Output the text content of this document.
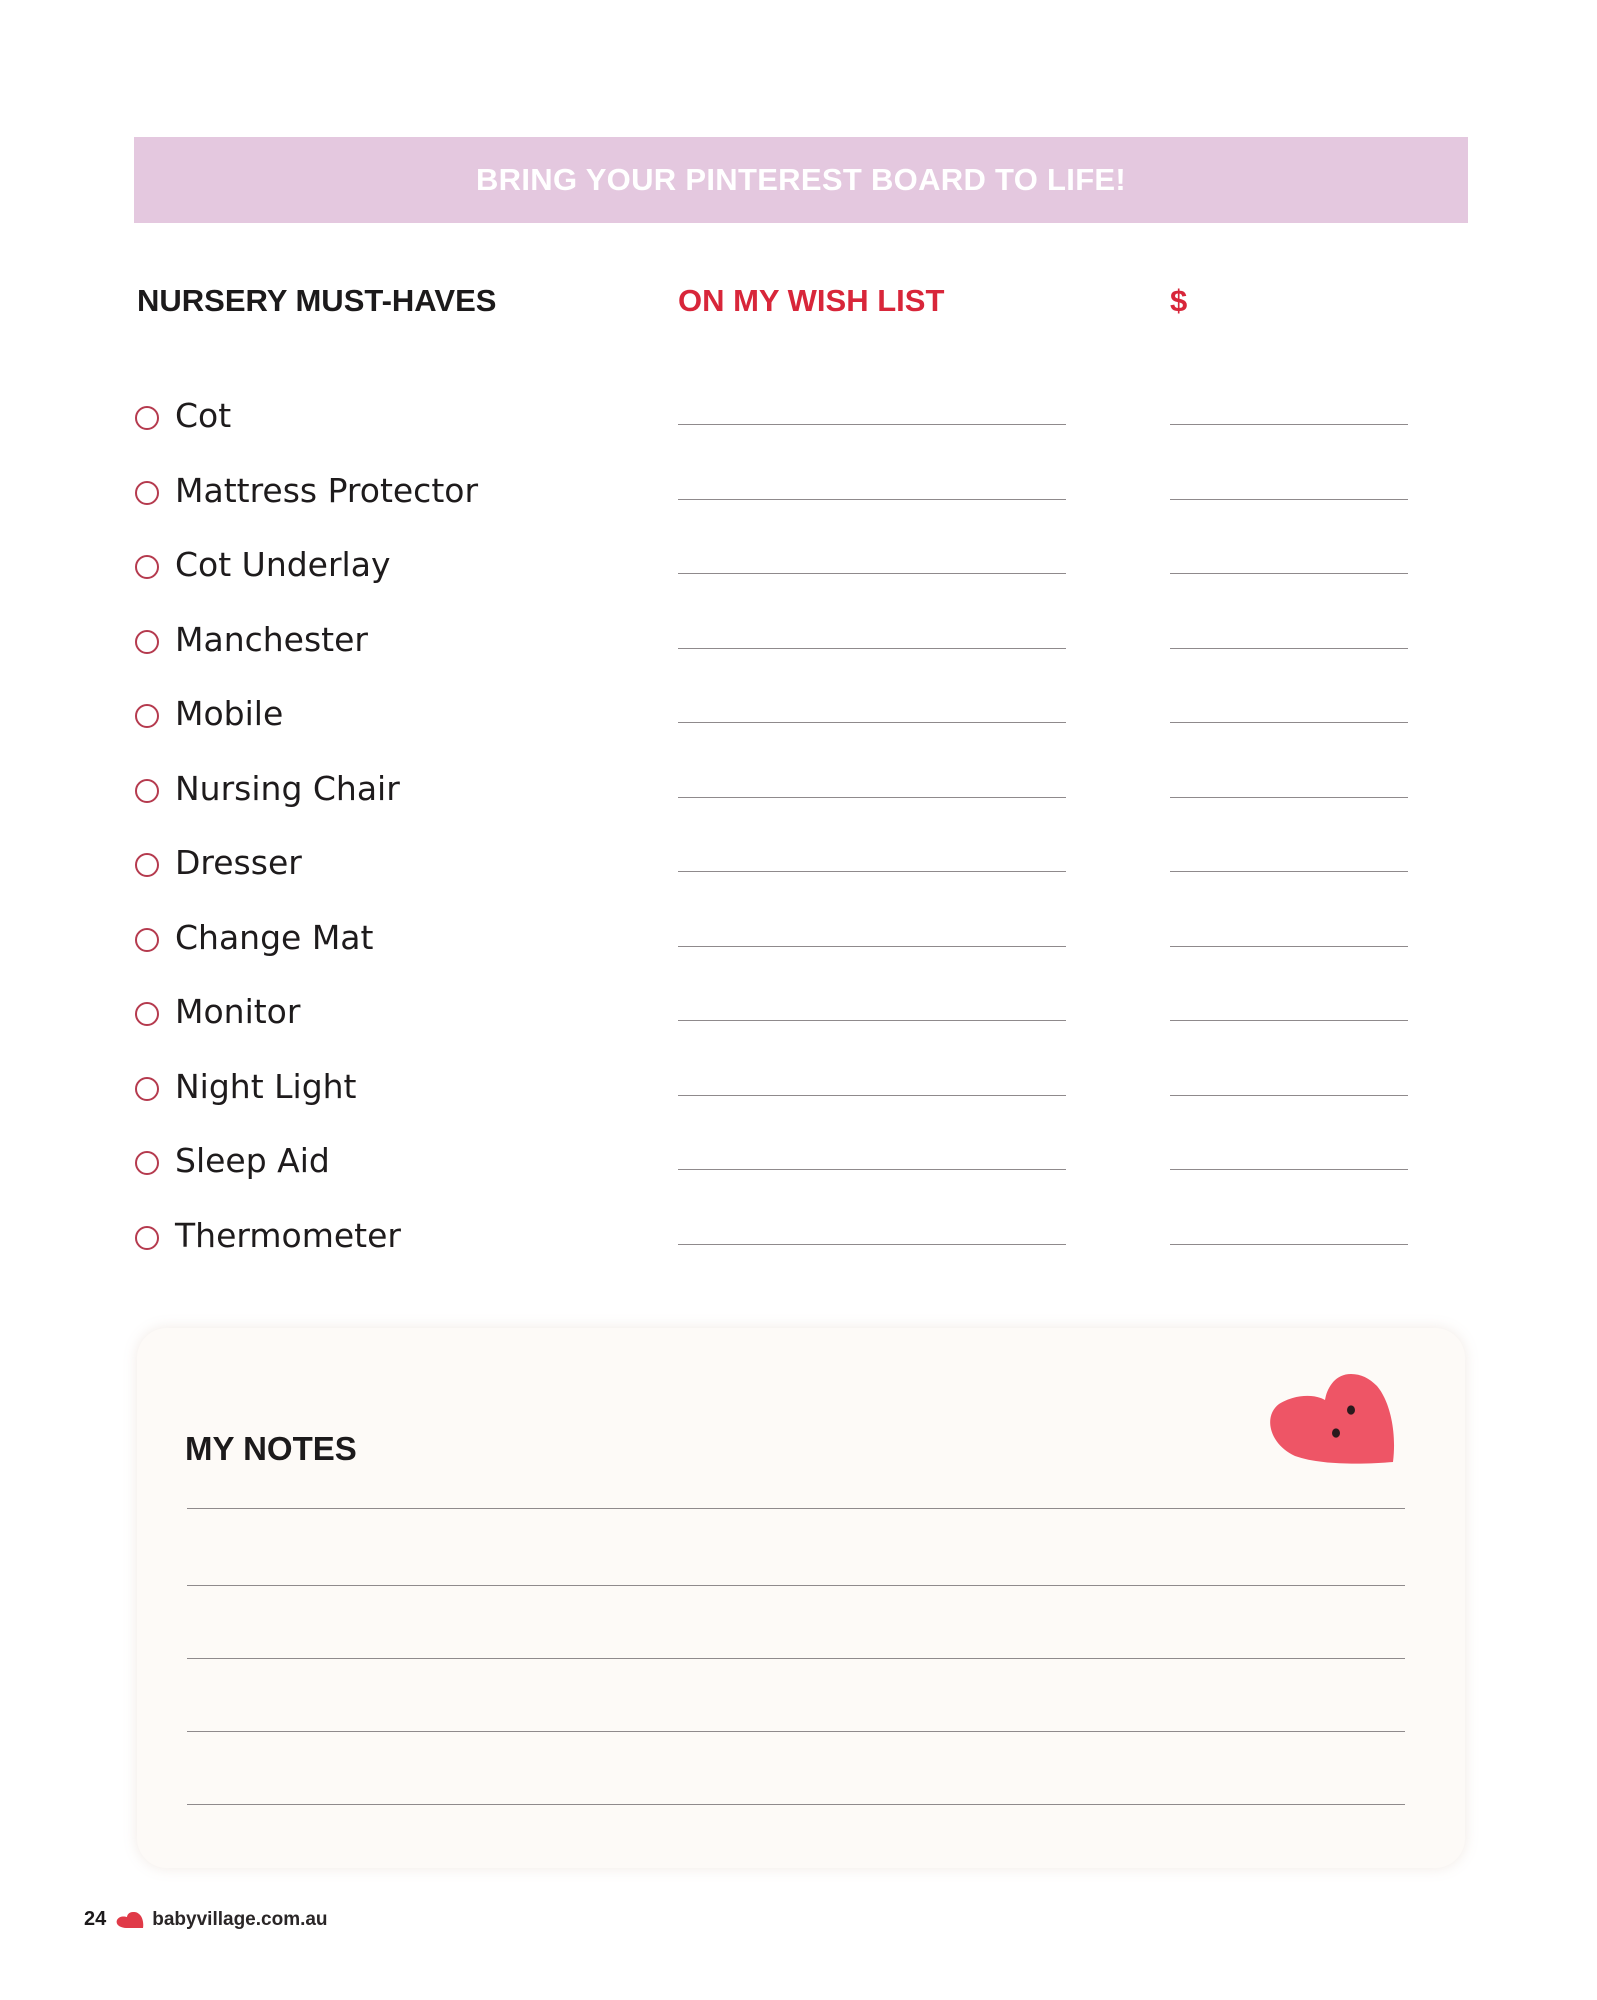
BRING YOUR PINTEREST BOARD TO LIFE!
NURSERY MUST-HAVES	ON MY WISH LIST	$
Cot
Mattress Protector
Cot Underlay
Manchester
Mobile
Nursing Chair
Dresser
Change Mat
Monitor
Night Light
Sleep Aid
Thermometer
MY NOTES
24 babyvillage.com.au
